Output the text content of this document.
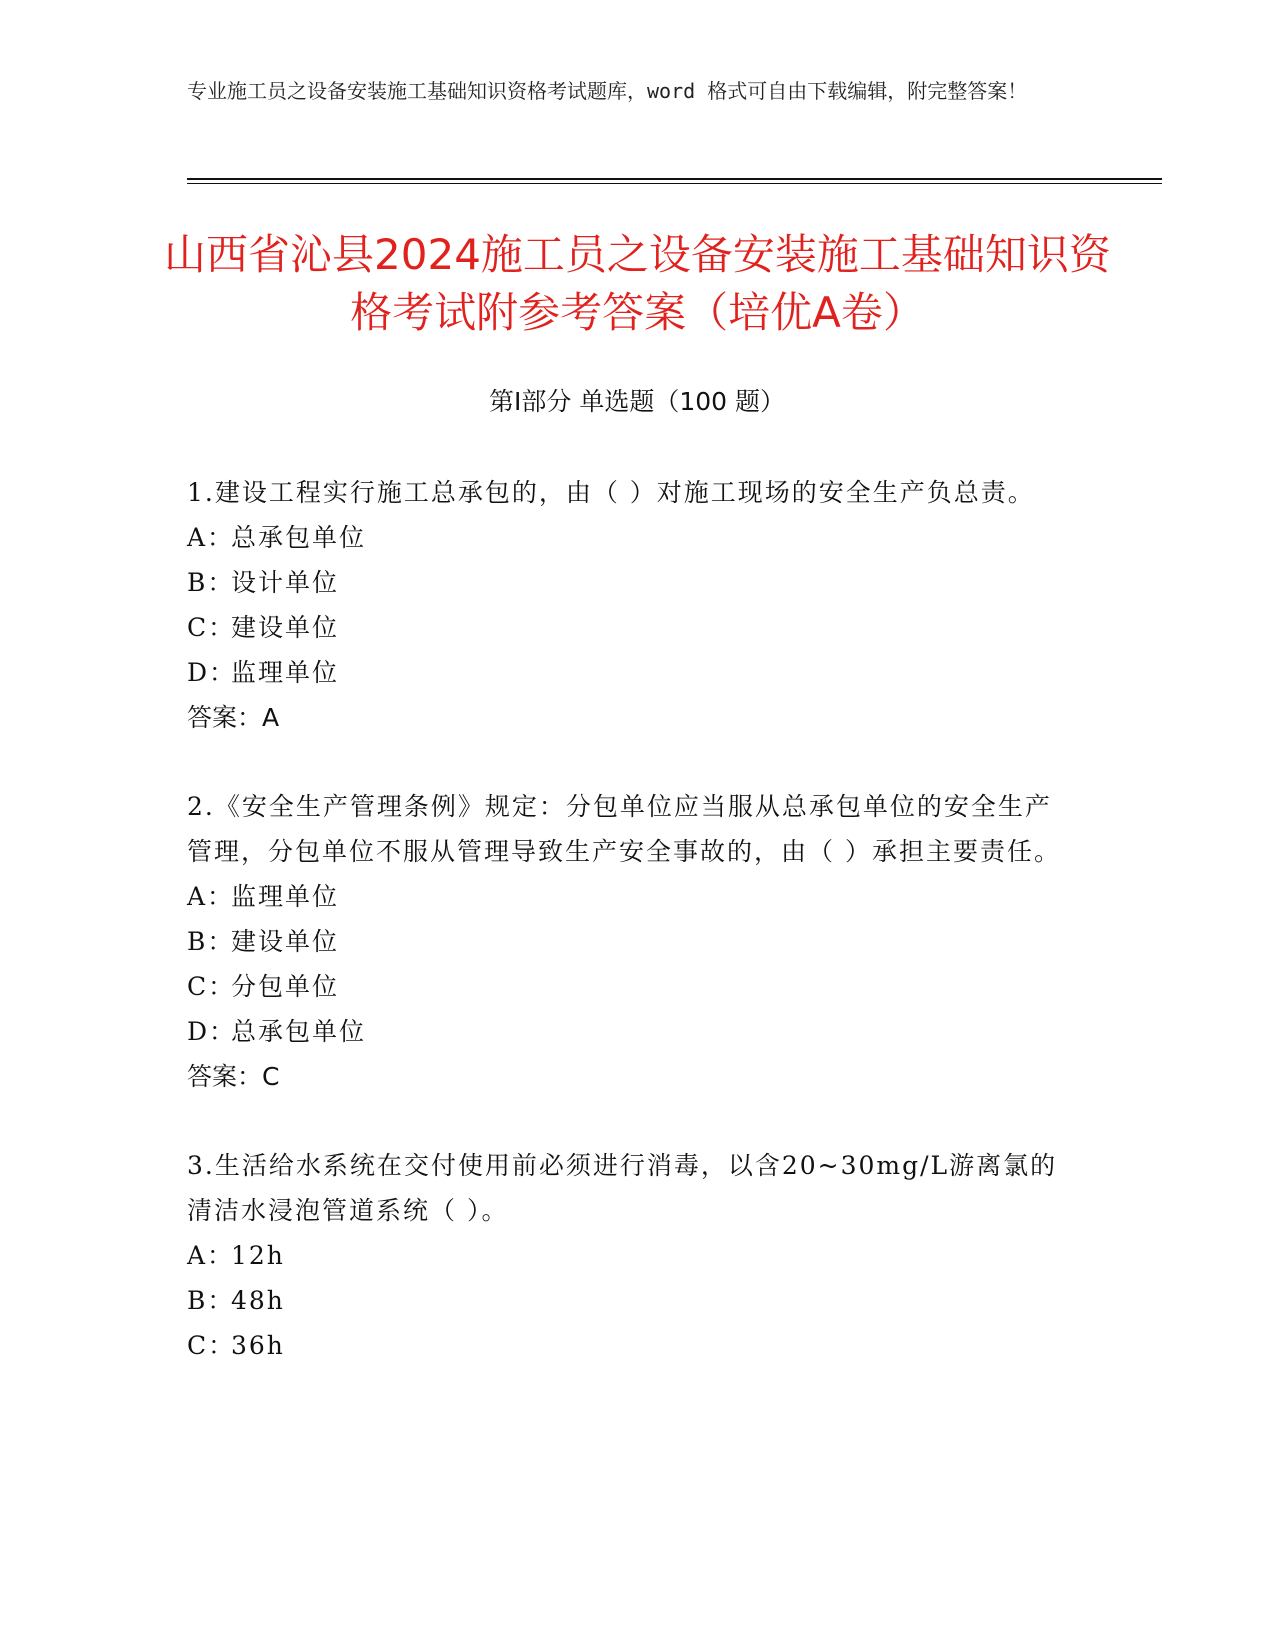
专业施工员之设备安装施工基础知识资格考试题库，word 格式可自由下载编辑，附完整答案！
山西省沁县2024施工员之设备安装施工基础知识资格考试附参考答案（培优A卷）
第Ⅰ部分 单选题（100 题）
1.建设工程实行施工总承包的，由（ ）对施工现场的安全生产负总责。
A：
总承包单位
B：
设计单位
C：
建设单位
D：
监理单位
答案：A
2.《安全生产管理条例》规定：分包单位应当服从总承包单位的安全生产管理，分包单位不服从管理导致生产安全事故的，由（ ）承担主要责任。
A：
监理单位
B：
建设单位
C：
分包单位
D：
总承包单位
答案：C
3.生活给水系统在交付使用前必须进行消毒，以含20~30mg/L游离氯的清洁水浸泡管道系统（ ）。
A：
12h
B：
48h
C：
36h
